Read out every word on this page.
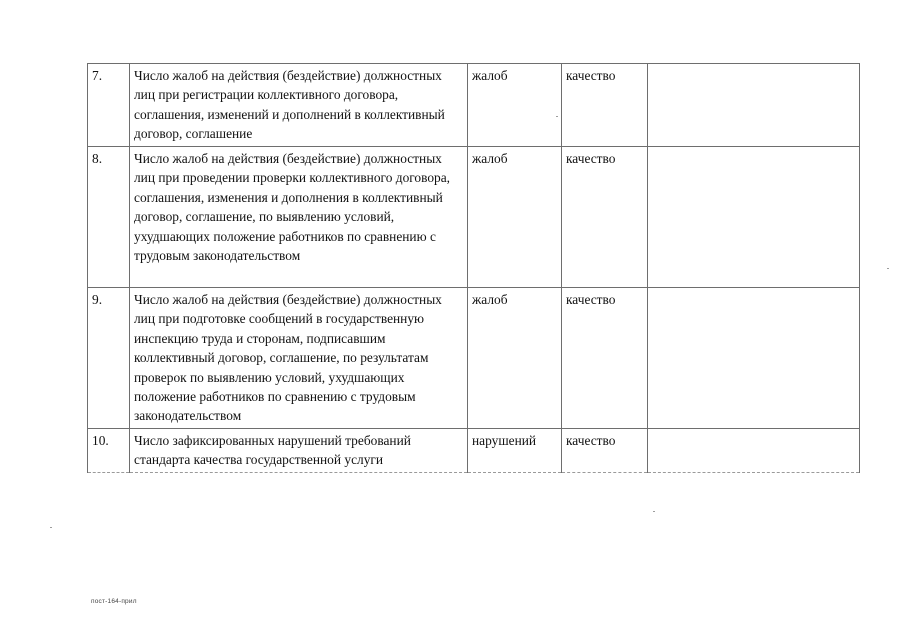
7.	Число жалоб на действия (бездействие) должностных лиц при регистрации коллективного договора, соглашения, изменений и дополнений в коллективный договор, соглашение	жалоб	качество	

8.	Число жалоб на действия (бездействие) должностных лиц при проведении проверки коллективного договора, соглашения, изменения и дополнения в коллективный договор, соглашение, по выявлению условий, ухудшающих положение работников по сравнению с трудовым законодательством	жалоб	качество	

9.	Число жалоб на действия (бездействие) должностных лиц при подготовке сообщений в государственную инспекцию труда и сторонам, подписавшим коллективный договор, соглашение, по результатам проверок по выявлению условий, ухудшающих положение работников по сравнению с трудовым законодательством	жалоб	качество	

10.	Число зафиксированных нарушений требований стандарта качества государственной услуги	нарушений	качество	

пост-164-прил
